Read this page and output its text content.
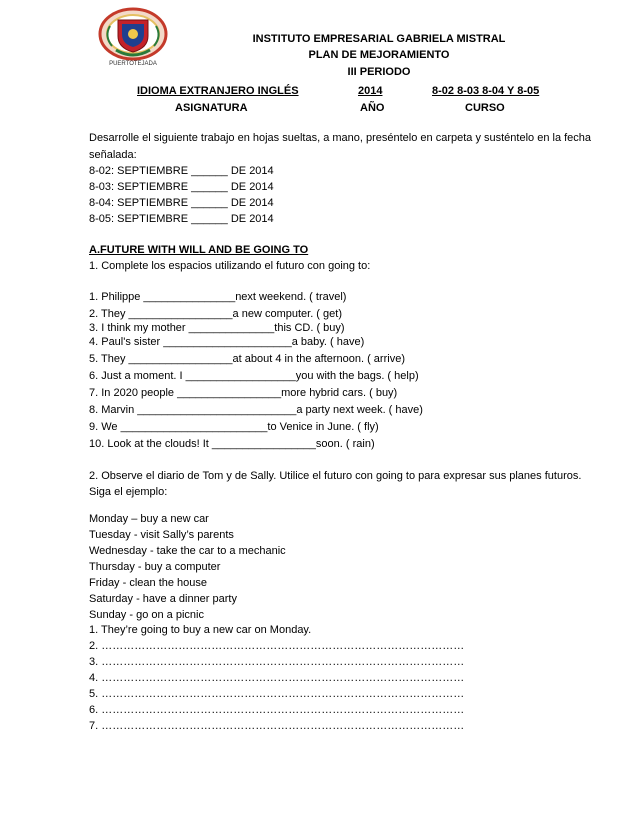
PUERTOTEJADA
INSTITUTO EMPRESARIAL GABRIELA MISTRAL
PLAN DE MEJORAMIENTO
III PERIODO
IDIOMA EXTRANJERO INGLÉS	2014	8-02 8-03 8-04 Y 8-05
ASIGNATURA	AÑO	CURSO
Desarrolle el siguiente trabajo en hojas sueltas, a mano, preséntelo en carpeta y susténtelo en la fecha
señalada:
8-02: SEPTIEMBRE ______ DE 2014
8-03: SEPTIEMBRE ______ DE 2014
8-04: SEPTIEMBRE ______ DE 2014
8-05: SEPTIEMBRE ______ DE 2014
A.FUTURE WITH WILL AND BE GOING TO
1. Complete los espacios utilizando el futuro con going to:
1. Philippe _______________next weekend. ( travel)
2. They _________________a new computer. ( get)
3. I think my mother ______________this CD. ( buy)
4. Paul's sister _____________________a baby. ( have)
5. They _________________at about 4 in the afternoon. ( arrive)
6. Just a moment. I __________________you with the bags. ( help)
7. In 2020 people _________________more hybrid cars. ( buy)
8. Marvin __________________________a party next week. ( have)
9. We ________________________to Venice in June. ( fly)
10. Look at the clouds! It _________________soon. ( rain)
2. Observe el diario de Tom y de Sally. Utilice el futuro con going to para expresar sus planes futuros.
Siga el ejemplo:
Monday – buy a new car
Tuesday - visit Sally’s parents
Wednesday - take the car to a mechanic
Thursday - buy a computer
Friday - clean the house
Saturday - have a dinner party
Sunday - go on a picnic
1. They’re going to buy a new car on Monday.
2. ………………………………………………………………………………………
3. ………………………………………………………………………………………
4. ………………………………………………………………………………………
5. ………………………………………………………………………………………
6. ………………………………………………………………………………………
7. ………………………………………………………………………………………
